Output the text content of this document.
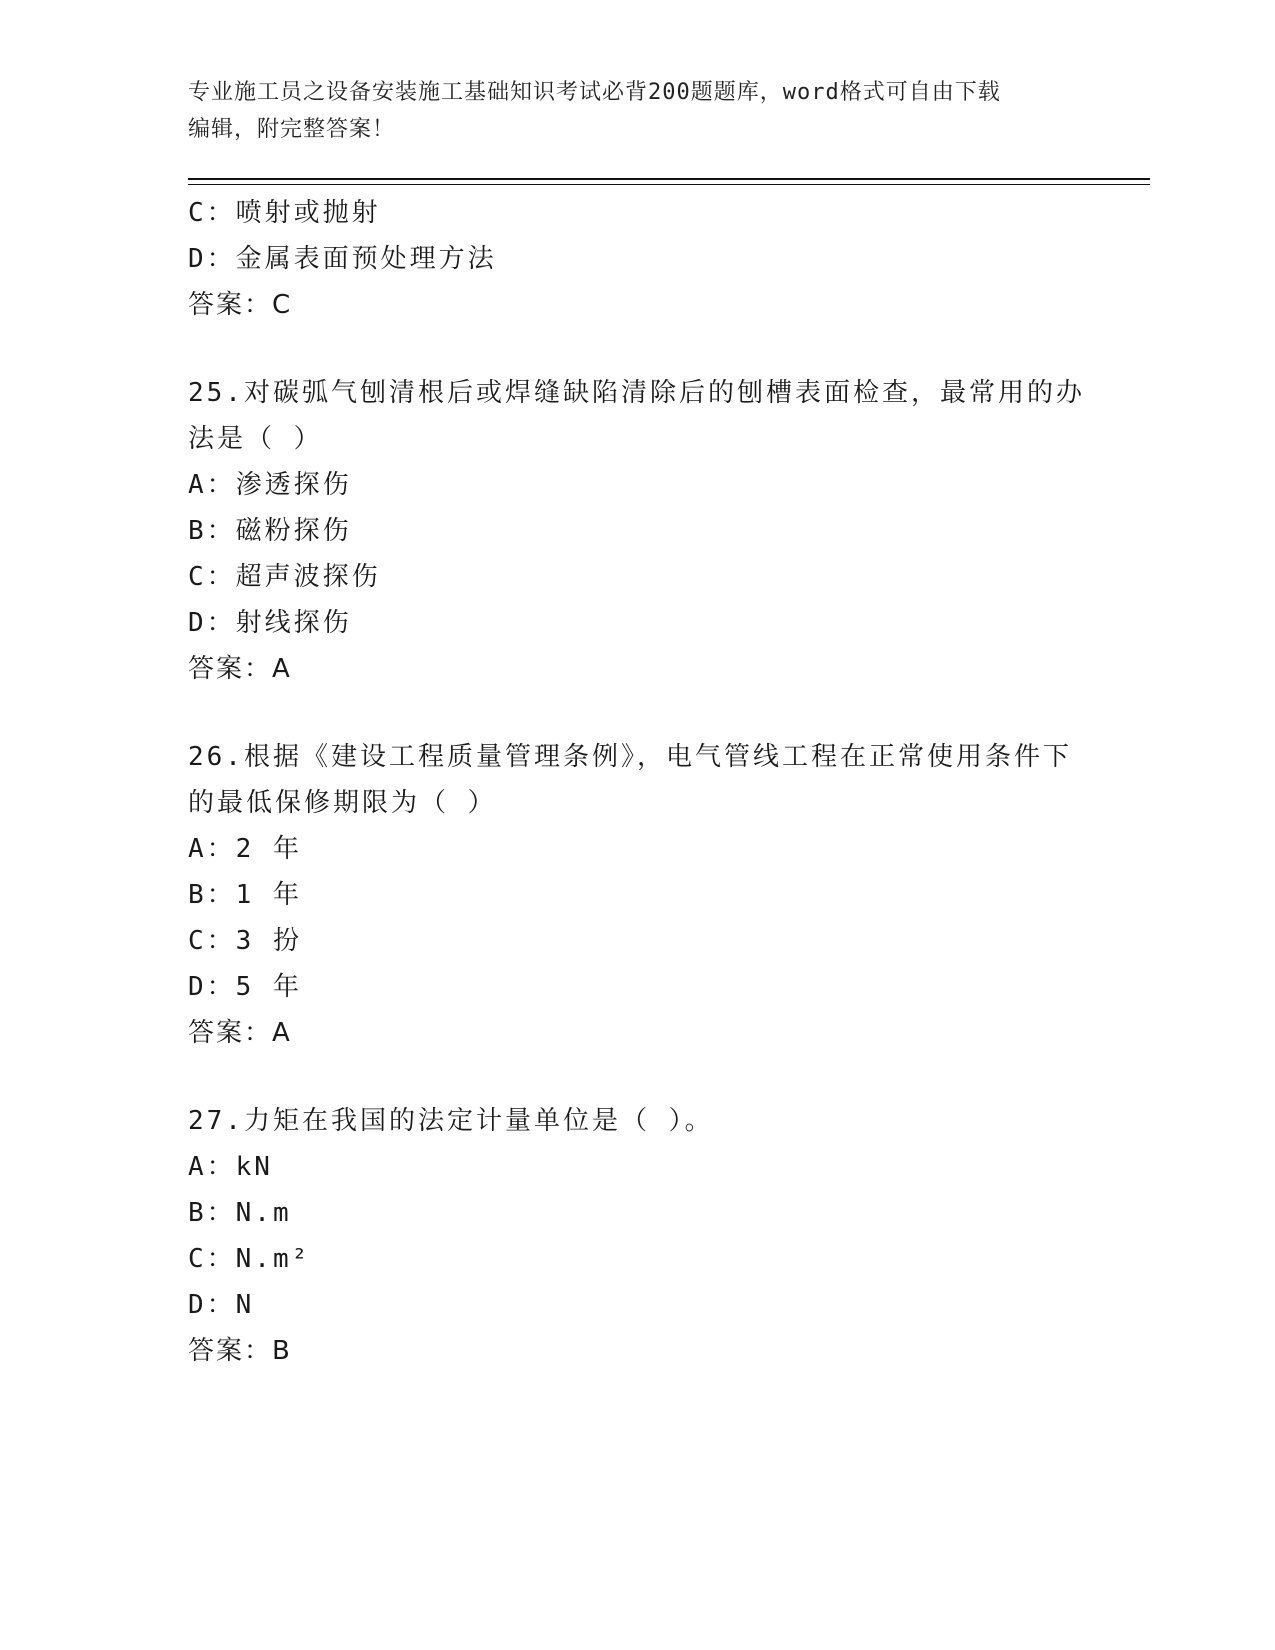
专业施工员之设备安装施工基础知识考试必背200题题库，word格式可自由下载
编辑，附完整答案！
C：喷射或抛射
D：金属表面预处理方法
答案：C
25.对碳弧气刨清根后或焊缝缺陷清除后的刨槽表面检查，最常用的办
法是（ ）
A：渗透探伤
B：磁粉探伤
C：超声波探伤
D：射线探伤
答案：A
26.根据《建设工程质量管理条例》，电气管线工程在正常使用条件下
的最低保修期限为（ ）
A：2 年
B：1 年
C：3 扮
D：5 年
答案：A
27.力矩在我国的法定计量单位是（ ）。
A：kN
B：N.m
C：N.m²
D：N
答案：B
